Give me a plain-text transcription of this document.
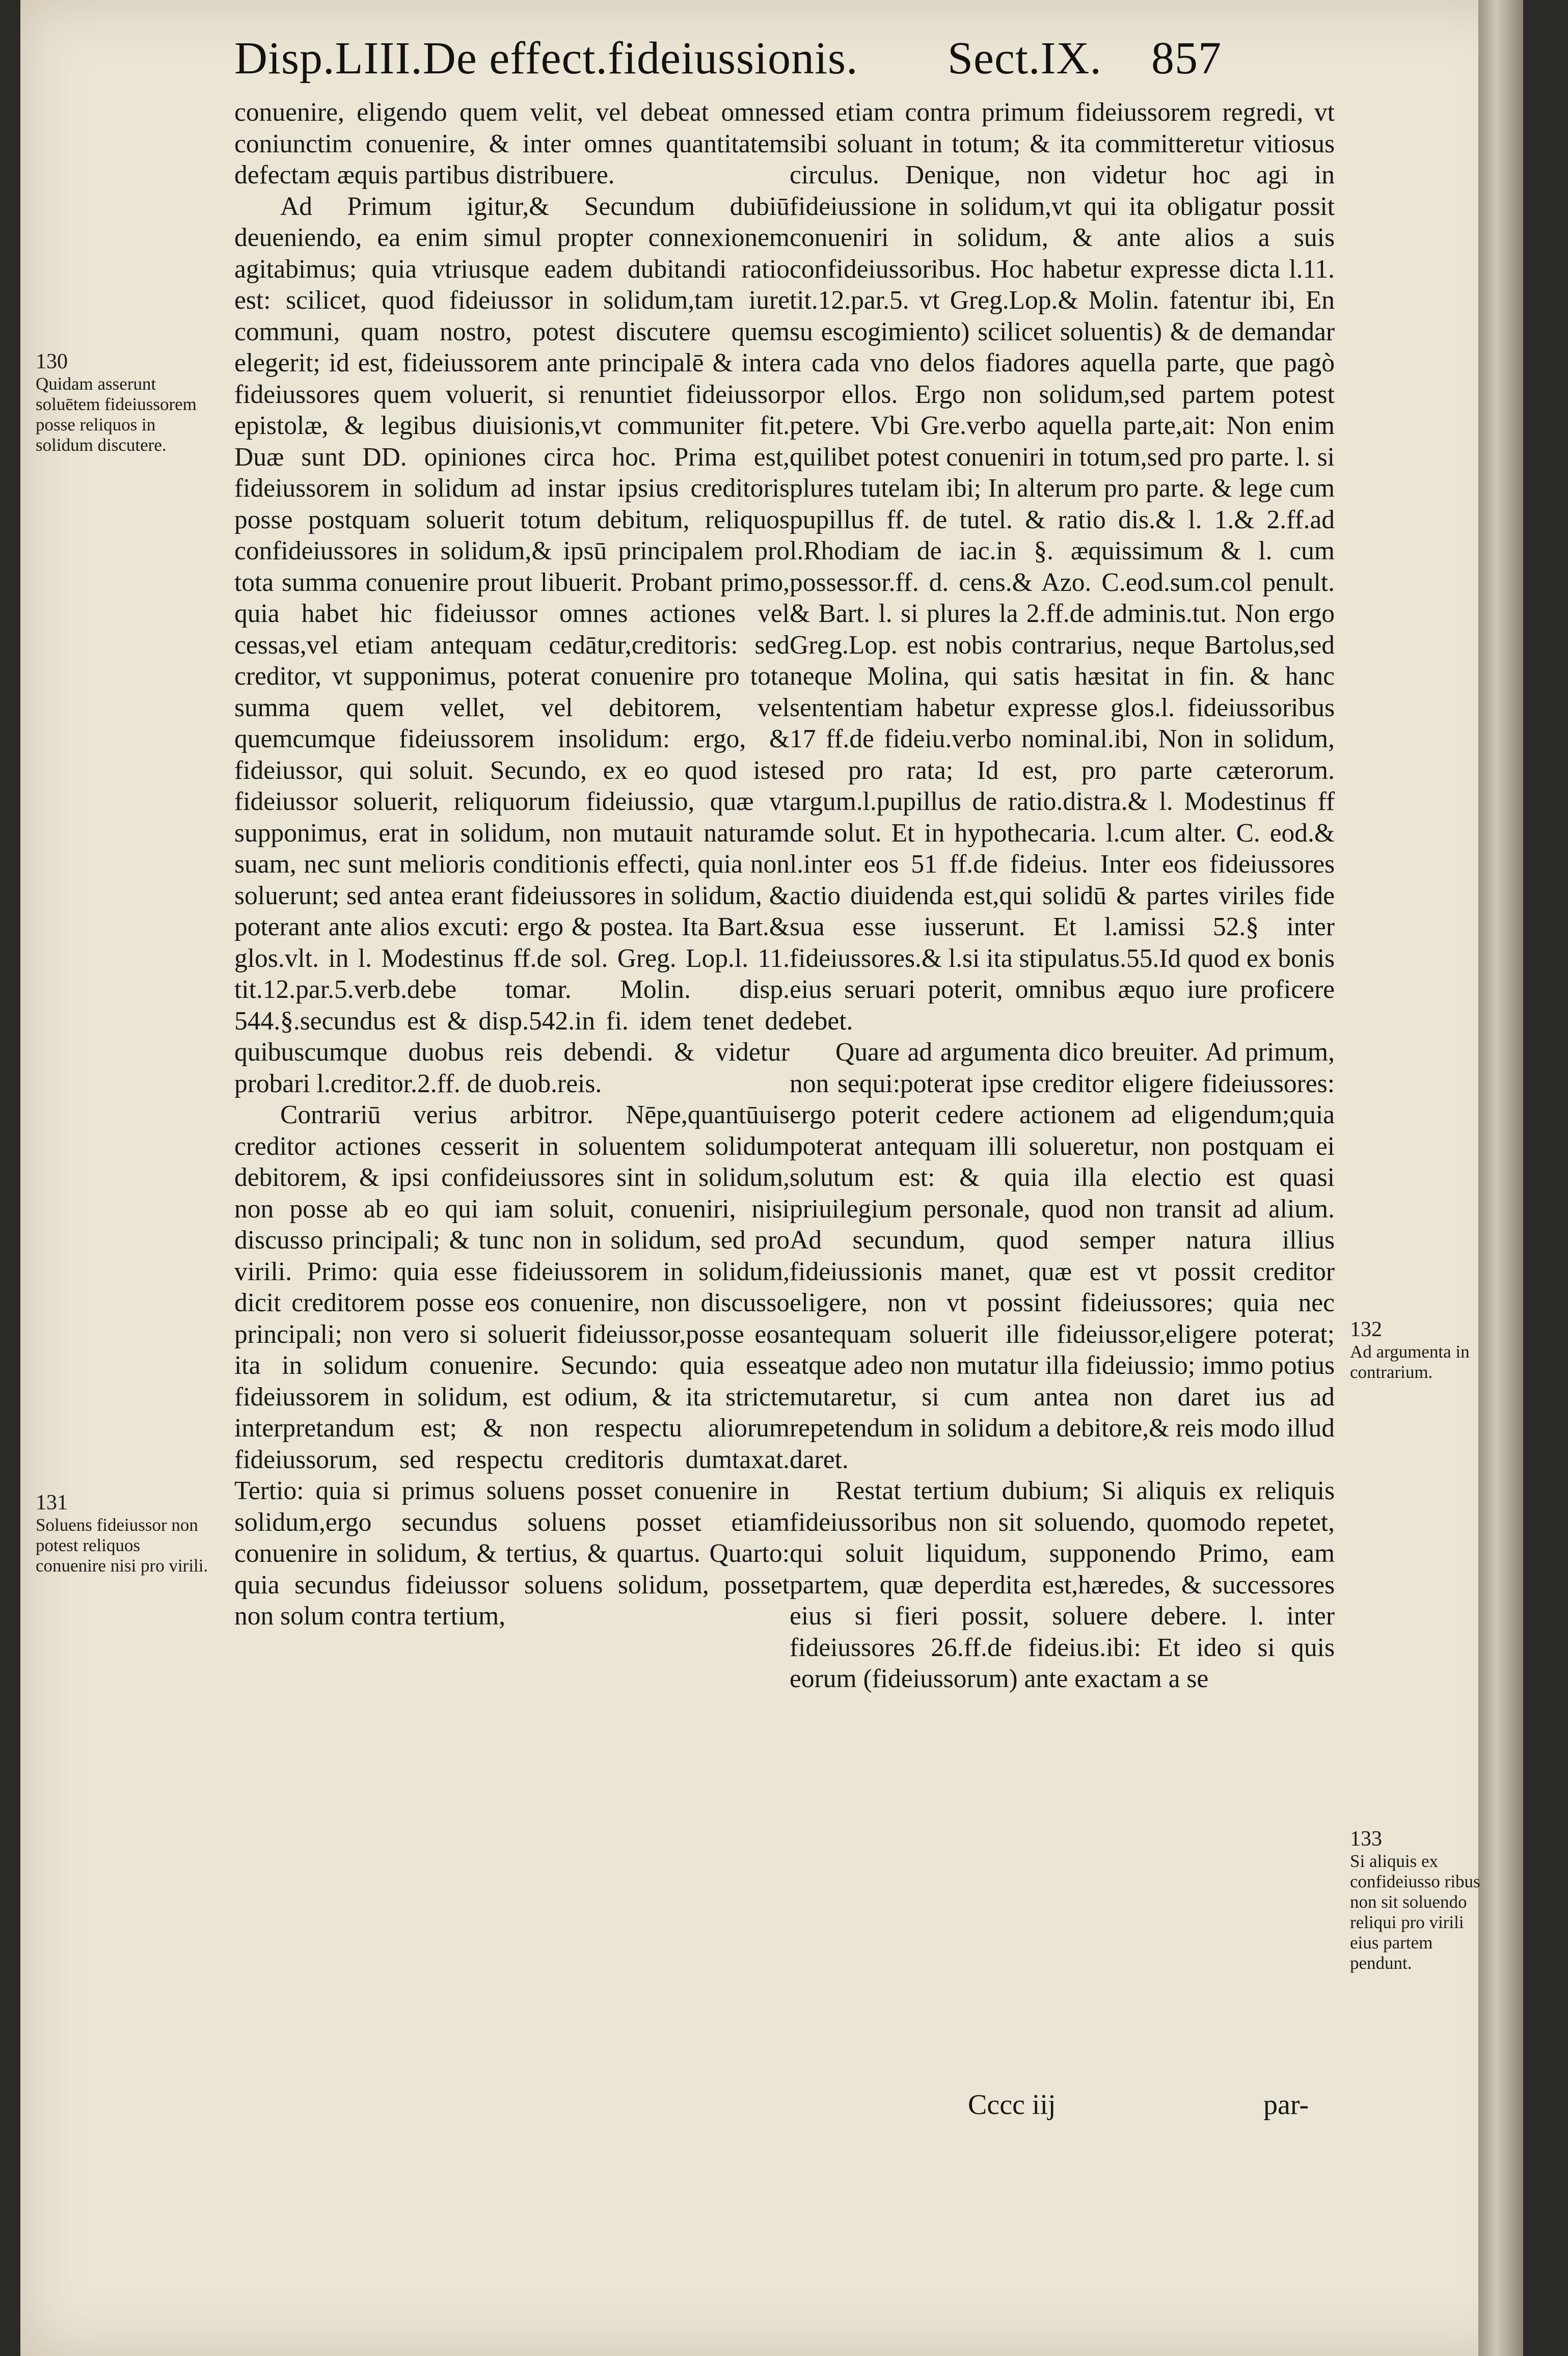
Disp.LIII.De effect.fideiussionis. Sect.IX. 857
130
Quidam asserunt soluētem fideiussorem posse reliquos in solidum discutere.
131
Soluens fideiussor non potest reliquos conuenire nisi pro virili.
132
Ad argumenta in contrarium.
133
Si aliquis ex confideiusso ribus non sit soluendo reliqui pro virili eius partem pendunt.

conuenire, eligendo quem velit, vel debeat omnes coniunctim conuenire, & inter omnes quantitatem defectam æquis partibus distribuere.

Ad Primum igitur,& Secundum dubiū deueniendo, ea enim simul propter connexionem agitabimus; quia vtriusque eadem dubitandi ratio est: scilicet, quod fideiussor in solidum,tam iure communi, quam nostro, potest discutere quem elegerit; id est, fideiussorem ante principalē & inter fideiussores quem voluerit, si renuntiet fideiussor epistolæ, & legibus diuisionis,vt communiter fit. Duæ sunt DD. opiniones circa hoc. Prima est, fideiussorem in solidum ad instar ipsius creditoris posse postquam soluerit totum debitum, reliquos confideiussores in solidum,& ipsū principalem pro tota summa conuenire prout libuerit. Probant primo, quia habet hic fideiussor omnes actiones vel cessas,vel etiam antequam cedātur,creditoris: sed creditor, vt supponimus, poterat conuenire pro tota summa quem vellet, vel debitorem, vel quemcumque fideiussorem insolidum: ergo, & fideiussor, qui soluit. Secundo, ex eo quod iste fideiussor soluerit, reliquorum fideiussio, quæ vt supponimus, erat in solidum, non mutauit naturam suam, nec sunt melioris conditionis effecti, quia non soluerunt; sed antea erant fideiussores in solidum, & poterant ante alios excuti: ergo & postea. Ita Bart.& glos.vlt. in l. Modestinus ff.de sol. Greg. Lop.l. 11. tit.12.par.5.verb.debe tomar. Molin. disp. 544.§.secundus est & disp.542.in fi. idem tenet de quibuscumque duobus reis debendi. & videtur probari l.creditor.2.ff. de duob.reis.

Contrariū verius arbitror. Nēpe,quantūuis creditor actiones cesserit in soluentem solidum debitorem, & ipsi confideiussores sint in solidum, non posse ab eo qui iam soluit, conueniri, nisi discusso principali; & tunc non in solidum, sed pro virili. Primo: quia esse fideiussorem in solidum, dicit creditorem posse eos conuenire, non discusso principali; non vero si soluerit fideiussor,posse eos ita in solidum conuenire. Secundo: quia esse fideiussorem in solidum, est odium, & ita stricte interpretandum est; & non respectu aliorum fideiussorum, sed respectu creditoris dumtaxat. Tertio: quia si primus soluens posset conuenire in solidum,ergo secundus soluens posset etiam conuenire in solidum, & tertius, & quartus. Quarto: quia secundus fideiussor soluens solidum, posset non solum contra tertium,

sed etiam contra primum fideiussorem regredi, vt sibi soluant in totum; & ita committeretur vitiosus circulus. Denique, non videtur hoc agi in fideiussione in solidum,vt qui ita obligatur possit conueniri in solidum, & ante alios a suis confideiussoribus. Hoc habetur expresse dicta l.11. tit.12.par.5. vt Greg.Lop.& Molin. fatentur ibi, En su escogimiento) scilicet soluentis) & de demandar a cada vno delos fiadores aquella parte, que pagò por ellos. Ergo non solidum,sed partem potest petere. Vbi Gre.verbo aquella parte,ait: Non enim quilibet potest conueniri in totum,sed pro parte. l. si plures tutelam ibi; In alterum pro parte. & lege cum pupillus ff. de tutel. & ratio dis.& l. 1.& 2.ff.ad l.Rhodiam de iac.in §. æquissimum & l. cum possessor.ff. d. cens.& Azo. C.eod.sum.col penult. & Bart. l. si plures la 2.ff.de adminis.tut. Non ergo Greg.Lop. est nobis contrarius, neque Bartolus,sed neque Molina, qui satis hæsitat in fin. & hanc sententiam habetur expresse glos.l. fideiussoribus 17 ff.de fideiu.verbo nominal.ibi, Non in solidum, sed pro rata; Id est, pro parte cæterorum. argum.l.pupillus de ratio.distra.& l. Modestinus ff de solut. Et in hypothecaria. l.cum alter. C. eod.& l.inter eos 51 ff.de fideius. Inter eos fideiussores actio diuidenda est,qui solidū & partes viriles fide sua esse iusserunt. Et l.amissi 52.§ inter fideiussores.& l.si ita stipulatus.55.Id quod ex bonis eius seruari poterit, omnibus æquo iure proficere debet.

Quare ad argumenta dico breuiter. Ad primum, non sequi:poterat ipse creditor eligere fideiussores: ergo poterit cedere actionem ad eligendum;quia poterat antequam illi solueretur, non postquam ei solutum est: & quia illa electio est quasi priuilegium personale, quod non transit ad alium. Ad secundum, quod semper natura illius fideiussionis manet, quæ est vt possit creditor eligere, non vt possint fideiussores; quia nec antequam soluerit ille fideiussor,eligere poterat; atque adeo non mutatur illa fideiussio; immo potius mutaretur, si cum antea non daret ius ad repetendum in solidum a debitore,& reis modo illud daret.

Restat tertium dubium; Si aliquis ex reliquis fideiussoribus non sit soluendo, quomodo repetet, qui soluit liquidum, supponendo Primo, eam partem, quæ deperdita est,hæredes, & successores eius si fieri possit, soluere debere. l. inter fideiussores 26.ff.de fideius.ibi: Et ideo si quis eorum (fideiussorum) ante exactam a se

Cccc iij	par-
